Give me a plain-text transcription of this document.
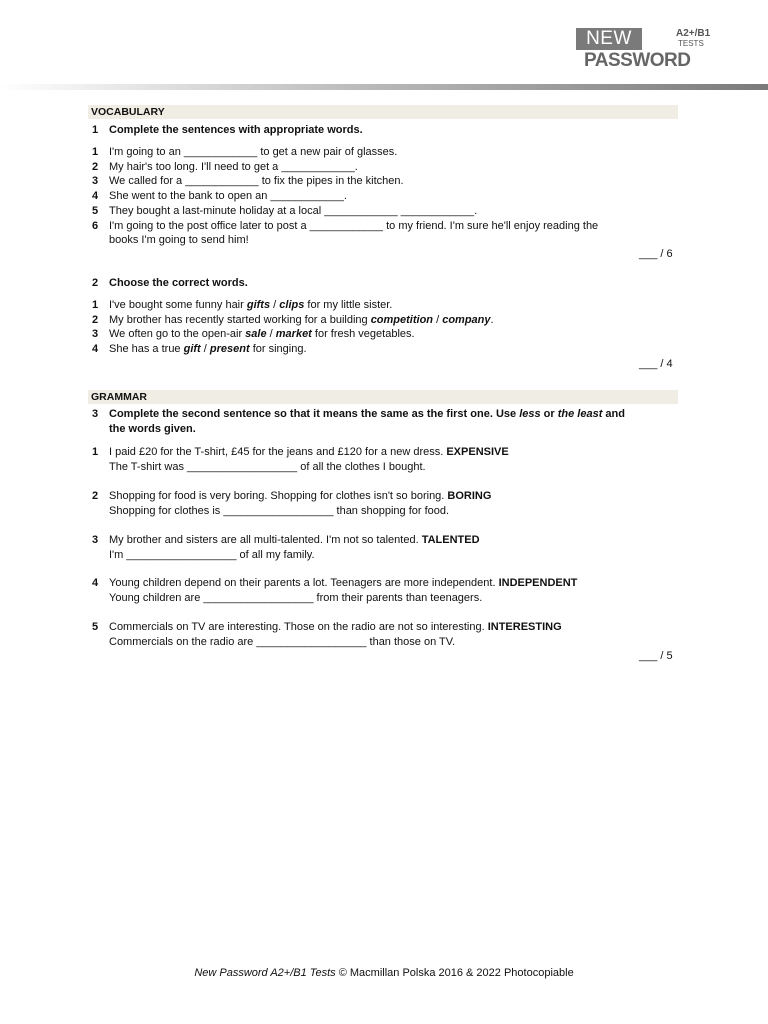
NEW	A2+/B1
TESTS
PASSWORD
VOCABULARY
1 Complete the sentences with appropriate words.
1 I'm going to an ____________ to get a new pair of glasses.
2 My hair's too long. I'll need to get a ____________.
3 We called for a ____________ to fix the pipes in the kitchen.
4 She went to the bank to open an ____________.
5 They bought a last-minute holiday at a local ____________ ____________.
6 I'm going to the post office later to post a ____________ to my friend. I'm sure he'll enjoy reading the books I'm going to send him!
___ / 6
2 Choose the correct words.
1 I've bought some funny hair gifts / clips for my little sister.
2 My brother has recently started working for a building competition / company.
3 We often go to the open-air sale / market for fresh vegetables.
4 She has a true gift / present for singing.
___ / 4
GRAMMAR
3 Complete the second sentence so that it means the same as the first one. Use less or the least and the words given.
1 I paid £20 for the T-shirt, £45 for the jeans and £120 for a new dress. EXPENSIVE
The T-shirt was __________________ of all the clothes I bought.
2 Shopping for food is very boring. Shopping for clothes isn't so boring. BORING
Shopping for clothes is __________________ than shopping for food.
3 My brother and sisters are all multi-talented. I'm not so talented. TALENTED
I'm __________________ of all my family.
4 Young children depend on their parents a lot. Teenagers are more independent. INDEPENDENT
Young children are __________________ from their parents than teenagers.
5 Commercials on TV are interesting. Those on the radio are not so interesting. INTERESTING
Commercials on the radio are __________________ than those on TV.
___ / 5
New Password A2+/B1 Tests © Macmillan Polska 2016 & 2022 Photocopiable
